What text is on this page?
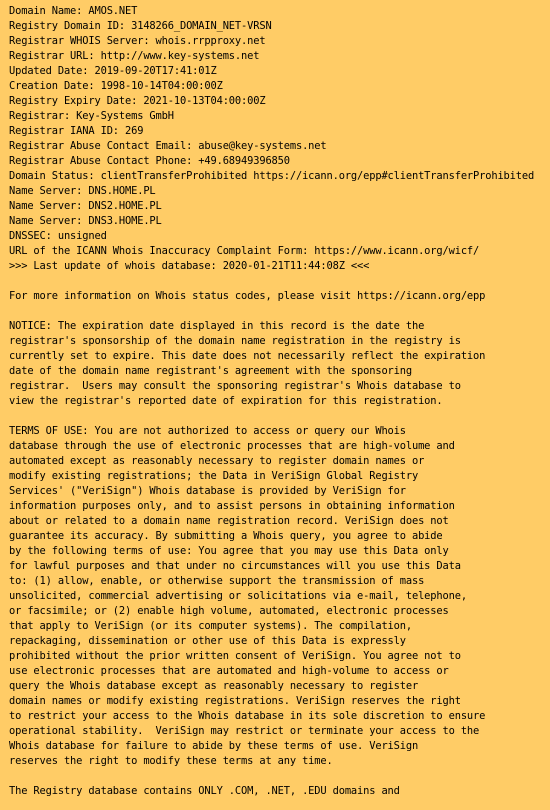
Domain Name: AMOS.NET
Registry Domain ID: 3148266_DOMAIN_NET-VRSN
Registrar WHOIS Server: whois.rrpproxy.net
Registrar URL: http://www.key-systems.net
Updated Date: 2019-09-20T17:41:01Z
Creation Date: 1998-10-14T04:00:00Z
Registry Expiry Date: 2021-10-13T04:00:00Z
Registrar: Key-Systems GmbH
Registrar IANA ID: 269
Registrar Abuse Contact Email: abuse@key-systems.net
Registrar Abuse Contact Phone: +49.68949396850
Domain Status: clientTransferProhibited https://icann.org/epp#clientTransferProhibited
Name Server: DNS.HOME.PL
Name Server: DNS2.HOME.PL
Name Server: DNS3.HOME.PL
DNSSEC: unsigned
URL of the ICANN Whois Inaccuracy Complaint Form: https://www.icann.org/wicf/
>>> Last update of whois database: 2020-01-21T11:44:08Z <<<
For more information on Whois status codes, please visit https://icann.org/epp
NOTICE: The expiration date displayed in this record is the date the
registrar's sponsorship of the domain name registration in the registry is
currently set to expire. This date does not necessarily reflect the expiration
date of the domain name registrant's agreement with the sponsoring
registrar.  Users may consult the sponsoring registrar's Whois database to
view the registrar's reported date of expiration for this registration.
TERMS OF USE: You are not authorized to access or query our Whois
database through the use of electronic processes that are high-volume and
automated except as reasonably necessary to register domain names or
modify existing registrations; the Data in VeriSign Global Registry
Services' ("VeriSign") Whois database is provided by VeriSign for
information purposes only, and to assist persons in obtaining information
about or related to a domain name registration record. VeriSign does not
guarantee its accuracy. By submitting a Whois query, you agree to abide
by the following terms of use: You agree that you may use this Data only
for lawful purposes and that under no circumstances will you use this Data
to: (1) allow, enable, or otherwise support the transmission of mass
unsolicited, commercial advertising or solicitations via e-mail, telephone,
or facsimile; or (2) enable high volume, automated, electronic processes
that apply to VeriSign (or its computer systems). The compilation,
repackaging, dissemination or other use of this Data is expressly
prohibited without the prior written consent of VeriSign. You agree not to
use electronic processes that are automated and high-volume to access or
query the Whois database except as reasonably necessary to register
domain names or modify existing registrations. VeriSign reserves the right
to restrict your access to the Whois database in its sole discretion to ensure
operational stability.  VeriSign may restrict or terminate your access to the
Whois database for failure to abide by these terms of use. VeriSign
reserves the right to modify these terms at any time.
The Registry database contains ONLY .COM, .NET, .EDU domains and
